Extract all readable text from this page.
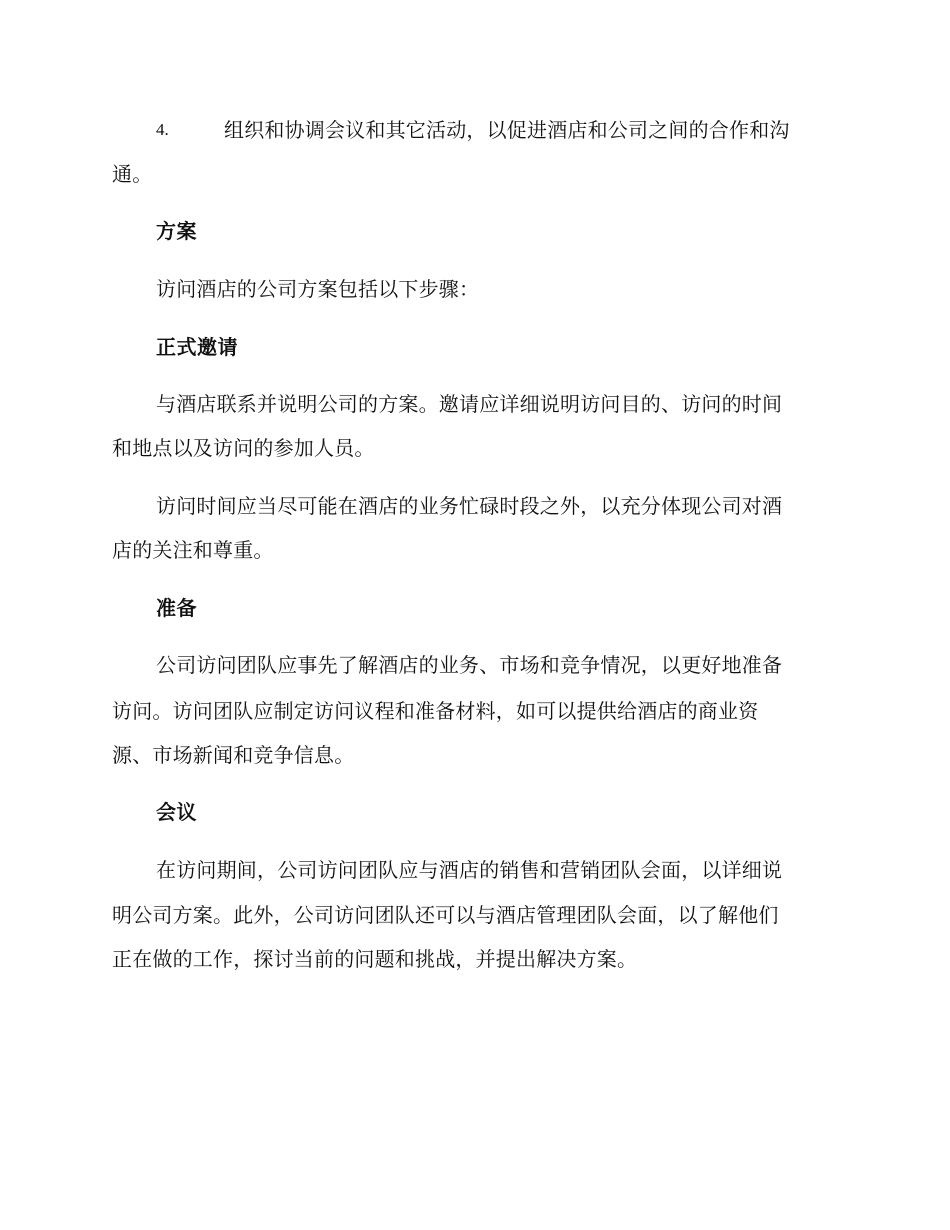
4.	组织和协调会议和其它活动，以促进酒店和公司之间的合作和沟
通。
方案
访问酒店的公司方案包括以下步骤：
正式邀请
与酒店联系并说明公司的方案。邀请应详细说明访问目的、访问的时间
和地点以及访问的参加人员。
访问时间应当尽可能在酒店的业务忙碌时段之外，以充分体现公司对酒
店的关注和尊重。
准备
公司访问团队应事先了解酒店的业务、市场和竞争情况，以更好地准备
访问。访问团队应制定访问议程和准备材料，如可以提供给酒店的商业资
源、市场新闻和竞争信息。
会议
在访问期间，公司访问团队应与酒店的销售和营销团队会面，以详细说
明公司方案。此外，公司访问团队还可以与酒店管理团队会面，以了解他们
正在做的工作，探讨当前的问题和挑战，并提出解决方案。
